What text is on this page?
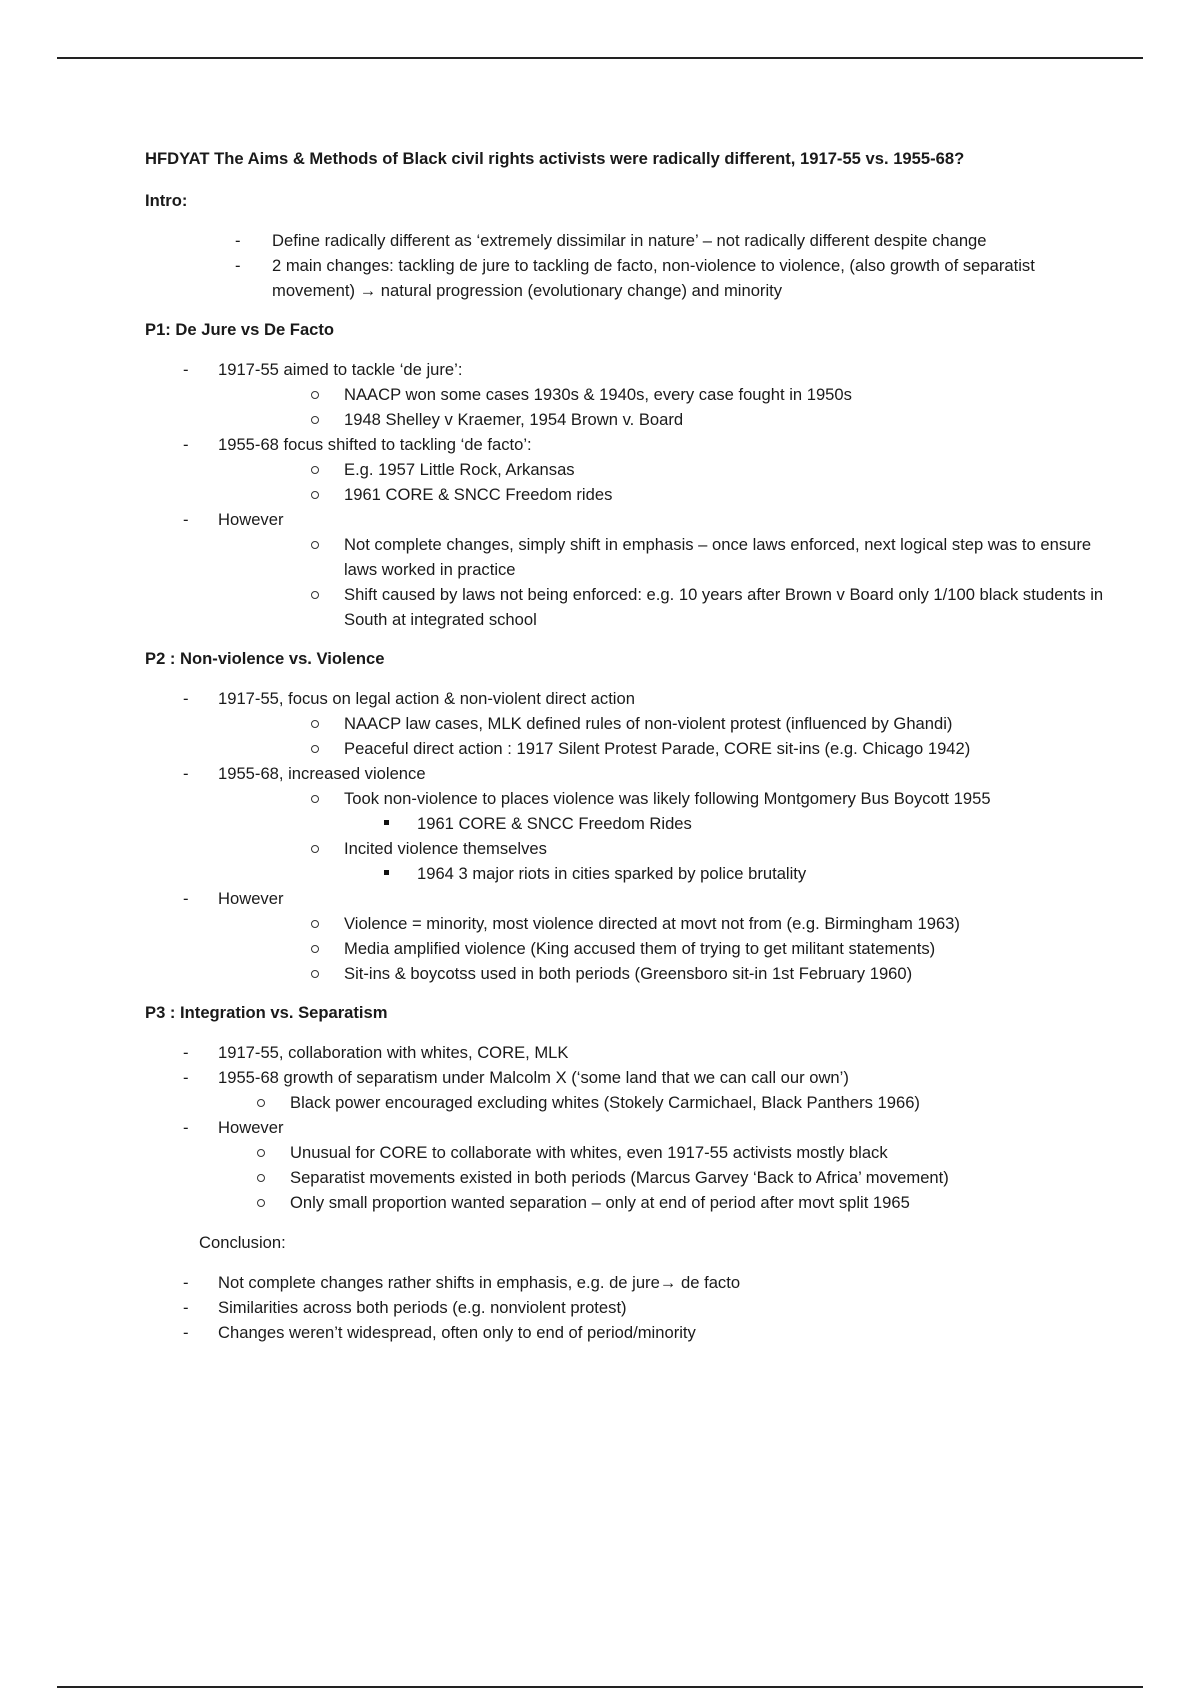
HFDYAT The Aims & Methods of Black civil rights activists were radically different, 1917-55 vs. 1955-68?
Intro:
- Define radically different as ‘extremely dissimilar in nature’ – not radically different despite change
- 2 main changes: tackling de jure to tackling de facto, non-violence to violence, (also growth of separatist movement) → natural progression (evolutionary change) and minority
P1: De Jure vs De Facto
- 1917-55 aimed to tackle ‘de jure’:
NAACP won some cases 1930s & 1940s, every case fought in 1950s
1948 Shelley v Kraemer, 1954 Brown v. Board
- 1955-68 focus shifted to tackling ‘de facto’:
E.g. 1957 Little Rock, Arkansas
1961 CORE & SNCC Freedom rides
- However
Not complete changes, simply shift in emphasis – once laws enforced, next logical step was to ensure laws worked in practice
Shift caused by laws not being enforced: e.g. 10 years after Brown v Board only 1/100 black students in South at integrated school
P2 : Non-violence vs. Violence
- 1917-55, focus on legal action & non-violent direct action
NAACP law cases, MLK defined rules of non-violent protest (influenced by Ghandi)
Peaceful direct action : 1917 Silent Protest Parade, CORE sit-ins (e.g. Chicago 1942)
- 1955-68, increased violence
Took non-violence to places violence was likely following Montgomery Bus Boycott 1955
1961 CORE & SNCC Freedom Rides
Incited violence themselves
1964 3 major riots in cities sparked by police brutality
- However
Violence = minority, most violence directed at movt not from (e.g. Birmingham 1963)
Media amplified violence (King accused them of trying to get militant statements)
Sit-ins & boycotss used in both periods (Greensboro sit-in 1st February 1960)
P3 : Integration vs. Separatism
- 1917-55, collaboration with whites, CORE, MLK
- 1955-68 growth of separatism under Malcolm X (‘some land that we can call our own’)
Black power encouraged excluding whites (Stokely Carmichael, Black Panthers 1966)
- However
Unusual for CORE to collaborate with whites, even 1917-55 activists mostly black
Separatist movements existed in both periods (Marcus Garvey ‘Back to Africa’ movement)
Only small proportion wanted separation – only at end of period after movt split 1965
Conclusion:
- Not complete changes rather shifts in emphasis, e.g. de jure→ de facto
- Similarities across both periods (e.g. nonviolent protest)
- Changes weren’t widespread, often only to end of period/minority
